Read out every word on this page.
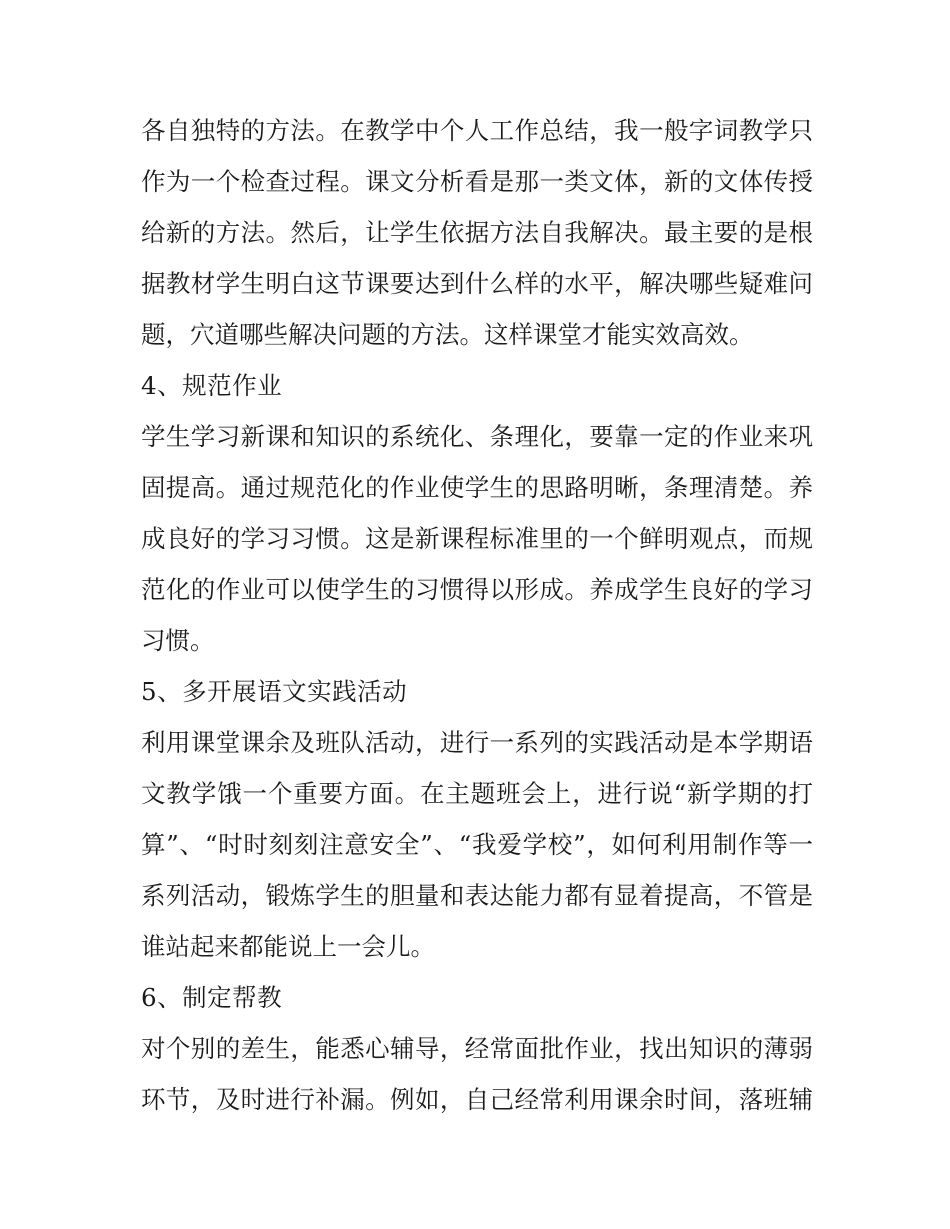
各自独特的方法。在教学中个人工作总结，我一般字词教学只
作为一个检查过程。课文分析看是那一类文体，新的文体传授
给新的方法。然后，让学生依据方法自我解决。最主要的是根
据教材学生明白这节课要达到什么样的水平，解决哪些疑难问
题，穴道哪些解决问题的方法。这样课堂才能实效高效。
4、规范作业
学生学习新课和知识的系统化、条理化，要靠一定的作业来巩
固提高。通过规范化的作业使学生的思路明晰，条理清楚。养
成良好的学习习惯。这是新课程标准里的一个鲜明观点，而规
范化的作业可以使学生的习惯得以形成。养成学生良好的学习
习惯。
5、多开展语文实践活动
利用课堂课余及班队活动，进行一系列的实践活动是本学期语
文教学饿一个重要方面。在主题班会上，进行说“新学期的打
算”、“时时刻刻注意安全”、“我爱学校”，如何利用制作等一
系列活动，锻炼学生的胆量和表达能力都有显着提高，不管是
谁站起来都能说上一会儿。
6、制定帮教
对个别的差生，能悉心辅导，经常面批作业，找出知识的薄弱
环节，及时进行补漏。例如，自己经常利用课余时间，落班辅
